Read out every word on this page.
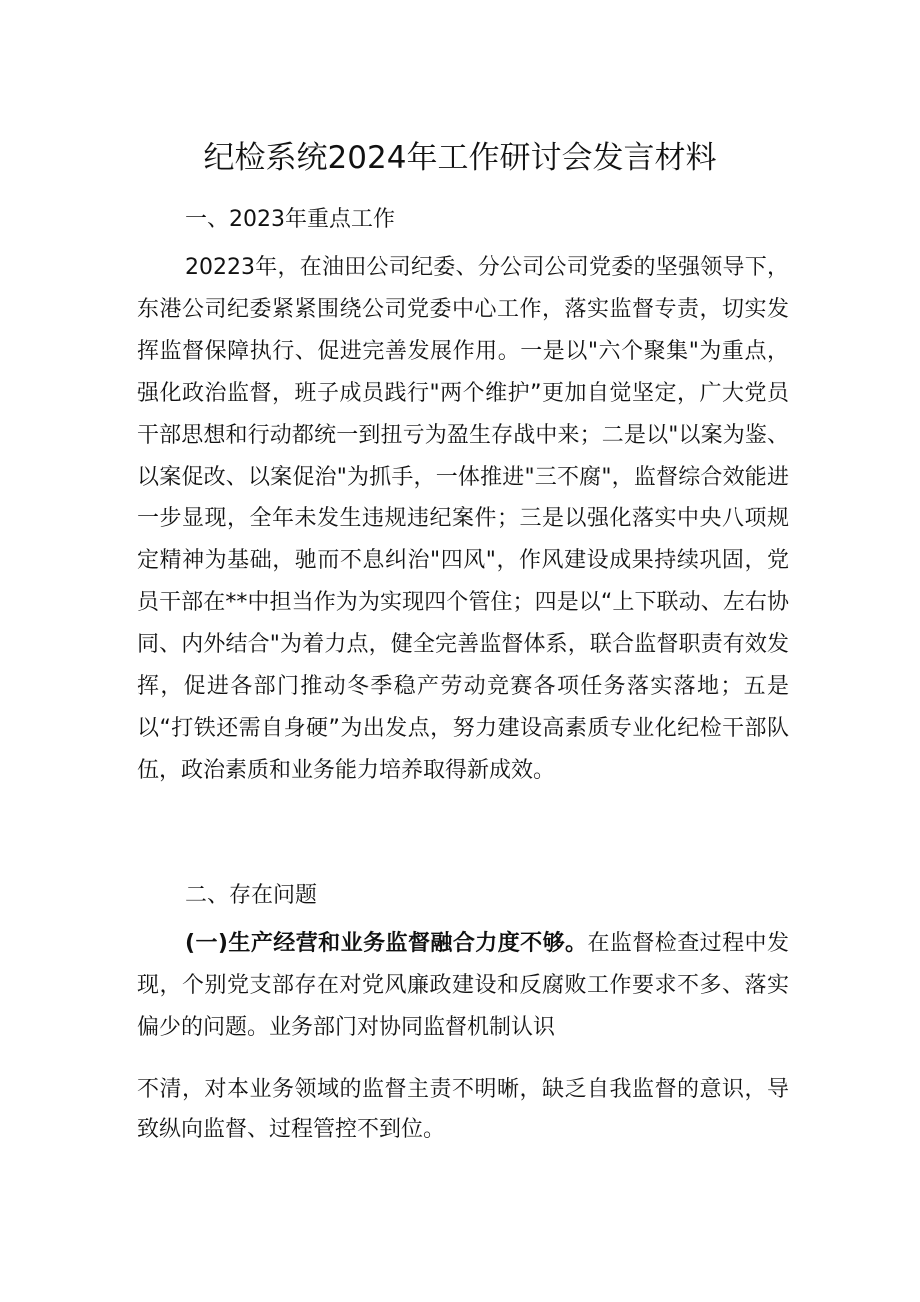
纪检系统2024年工作研讨会发言材料
一、2023年重点工作

20223年，在油田公司纪委、分公司公司党委的坚强领导下，东港公司纪委紧紧围绕公司党委中心工作，落实监督专责，切实发挥监督保障执行、促进完善发展作用。一是以"六个聚集"为重点，强化政治监督，班子成员践行"两个维护”更加自觉坚定，广大党员干部思想和行动都统一到扭亏为盈生存战中来；二是以"以案为鉴、以案促改、以案促治"为抓手，一体推进"三不腐"，监督综合效能进一步显现，全年未发生违规违纪案件；三是以强化落实中央八项规定精神为基础，驰而不息纠治"四风"，作风建设成果持续巩固，党员干部在**中担当作为为实现四个管住；四是以“上下联动、左右协同、内外结合"为着力点，健全完善监督体系，联合监督职责有效发挥，促进各部门推动冬季稳产劳动竞赛各项任务落实落地；五是以“打铁还需自身硬”为出发点，努力建设高素质专业化纪检干部队伍，政治素质和业务能力培养取得新成效。

二、存在问题

(一)生产经营和业务监督融合力度不够。在监督检查过程中发现，个别党支部存在对党风廉政建设和反腐败工作要求不多、落实偏少的问题。业务部门对协同监督机制认识

不清，对本业务领域的监督主责不明晰，缺乏自我监督的意识，导致纵向监督、过程管控不到位。
